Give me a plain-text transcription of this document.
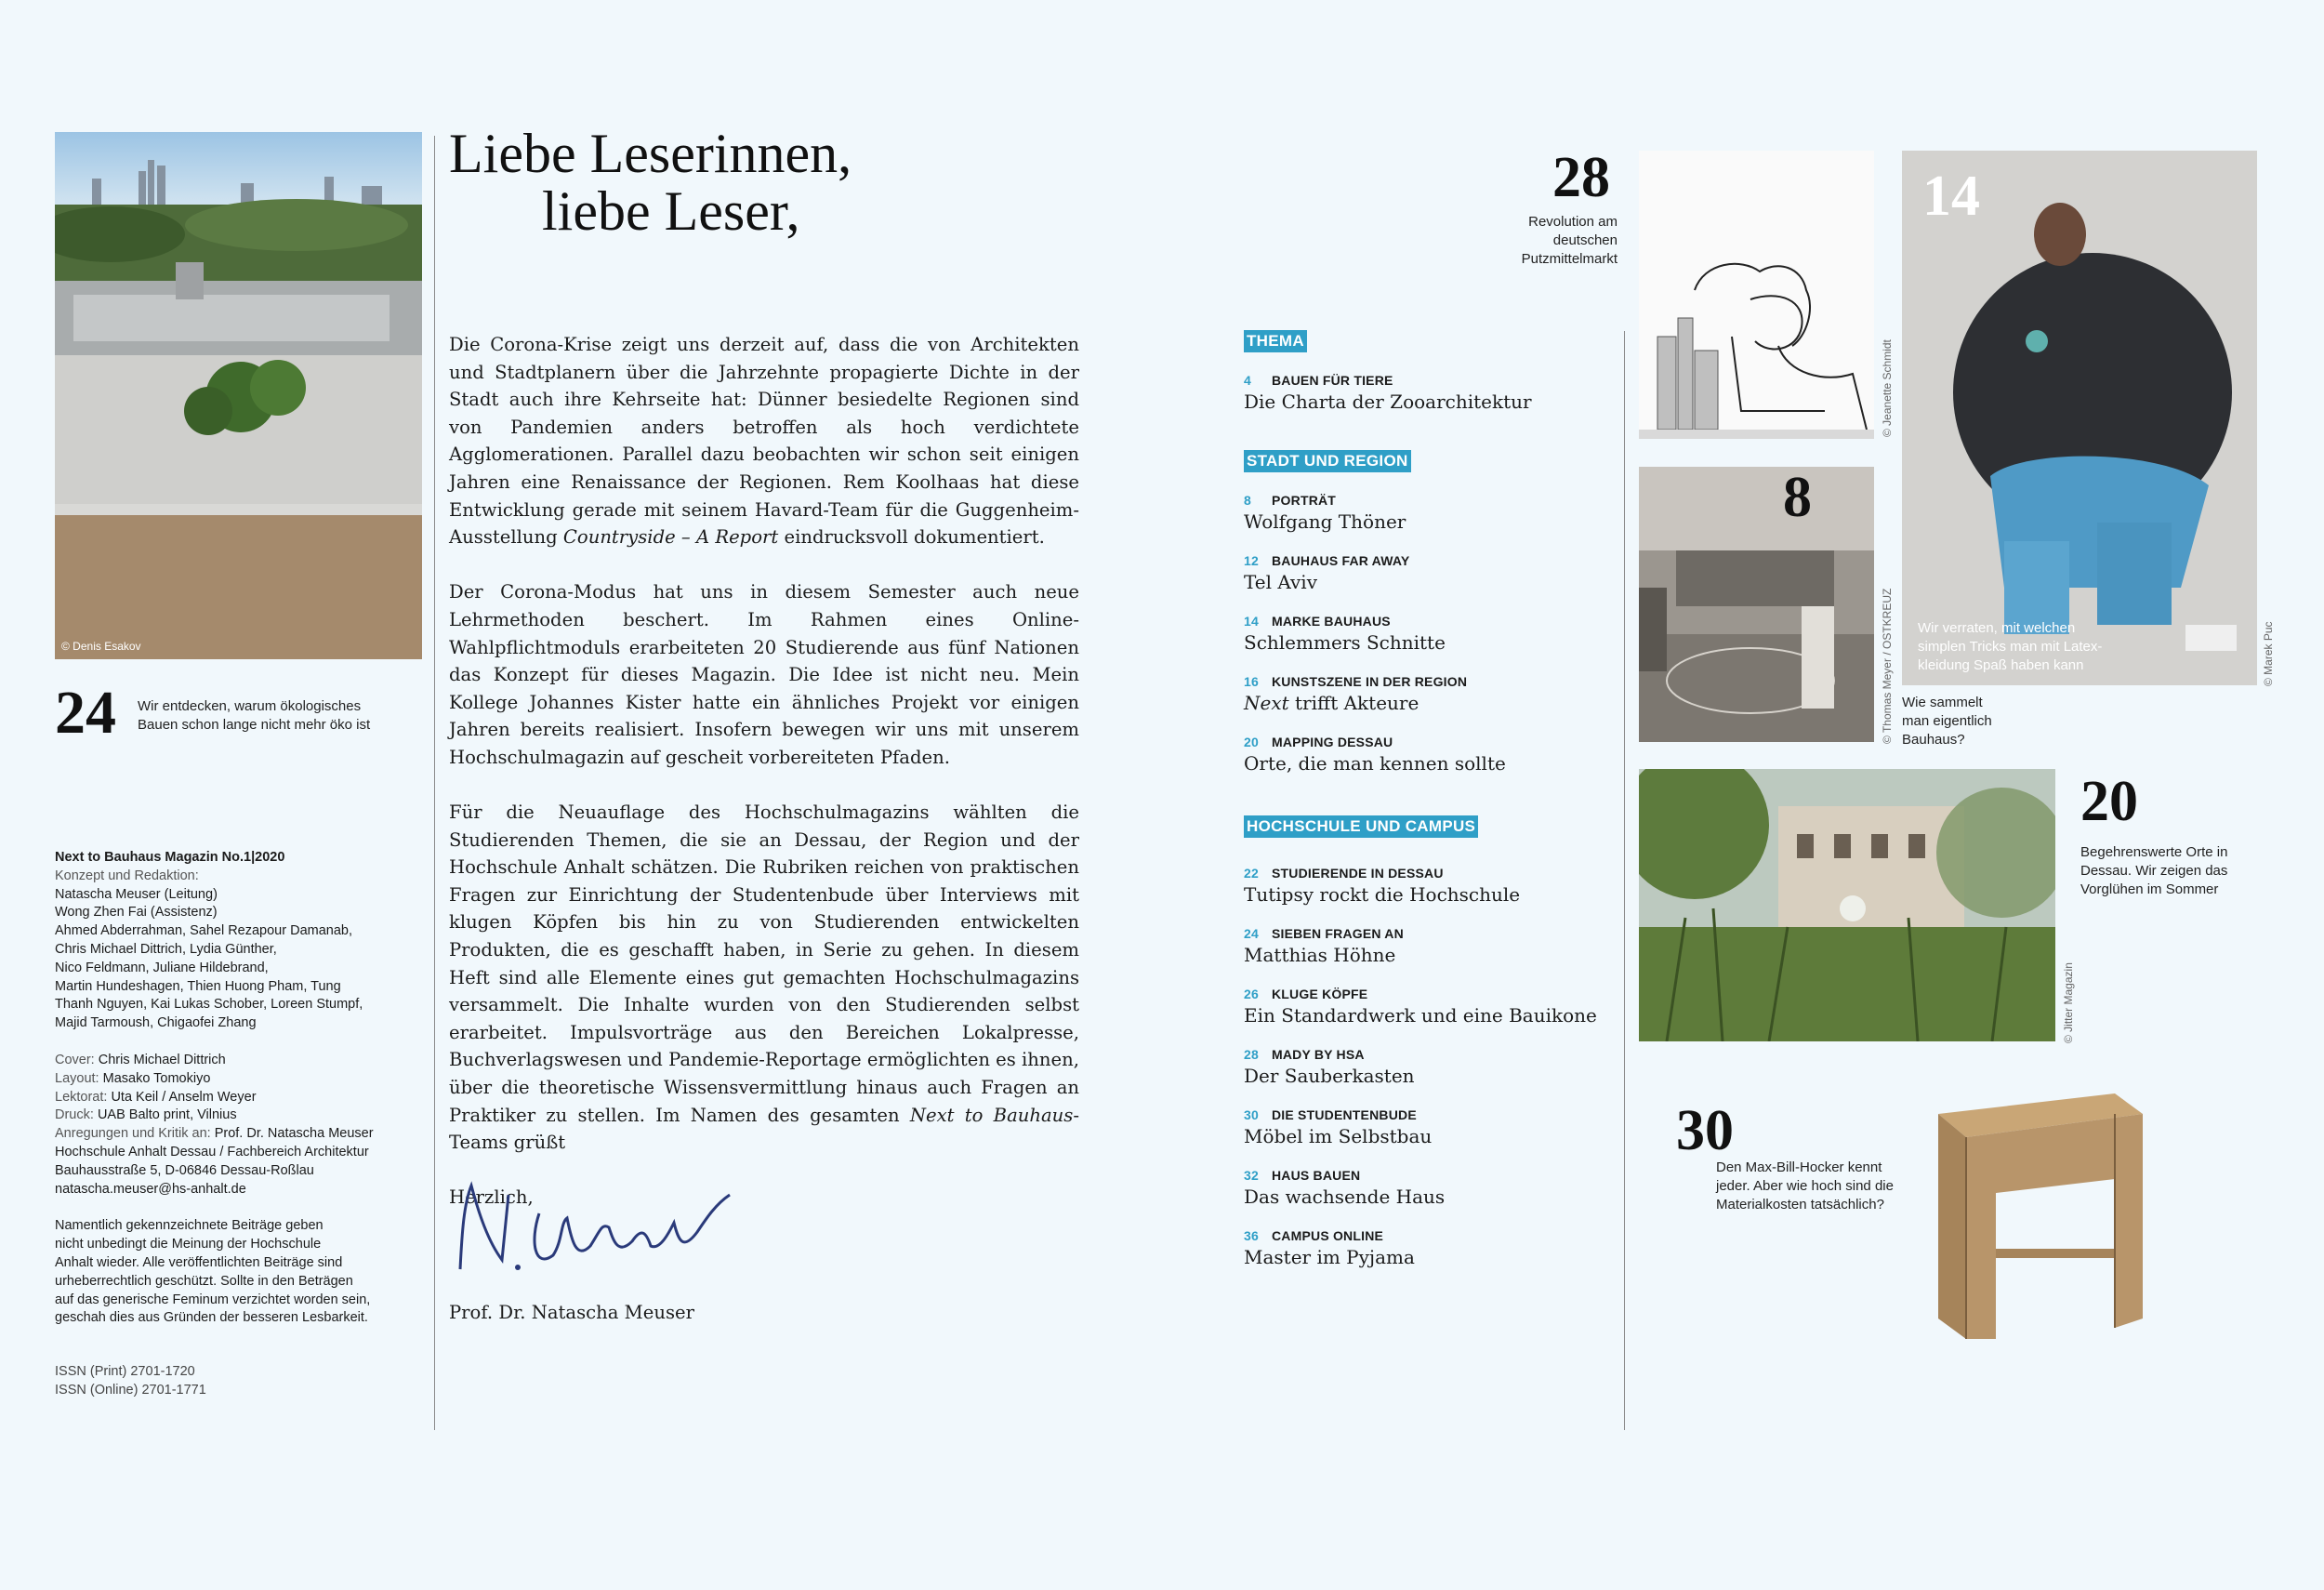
© Denis Esakov
24 Wir entdecken, warum ökologisches Bauen schon lange nicht mehr öko ist
Next to Bauhaus Magazin No.1|2020
Konzept und Redaktion:
Natascha Meuser (Leitung)
Wong Zhen Fai (Assistenz)
Ahmed Abderrahman, Sahel Rezapour Damanab,
Chris Michael Dittrich, Lydia Günther,
Nico Feldmann, Juliane Hildebrand,
Martin Hundeshagen, Thien Huong Pham, Tung
Thanh Nguyen, Kai Lukas Schober, Loreen Stumpf,
Majid Tarmoush, Chigaofei Zhang
Cover: Chris Michael Dittrich
Layout: Masako Tomokiyo
Lektorat: Uta Keil / Anselm Weyer
Druck: UAB Balto print, Vilnius
Anregungen und Kritik an: Prof. Dr. Natascha Meuser
Hochschule Anhalt Dessau / Fachbereich Architektur
Bauhausstraße 5, D-06846 Dessau-Roßlau
natascha.meuser@hs-anhalt.de
Namentlich gekennzeichnete Beiträge geben
nicht unbedingt die Meinung der Hochschule
Anhalt wieder. Alle veröffentlichten Beiträge sind
urheberrechtlich geschützt. Sollte in den Beträgen
auf das generische Feminum verzichtet worden sein,
geschah dies aus Gründen der besseren Lesbarkeit.
ISSN (Print) 2701-1720
ISSN (Online) 2701-1771
Liebe Leserinnen,
liebe Leser,

Die Corona-Krise zeigt uns derzeit auf, dass die von Architekten und Stadtplanern über die Jahrzehnte propagierte Dichte in der Stadt auch ihre Kehrseite hat: Dünner besiedelte Regionen sind von Pandemien anders betroffen als hoch verdichtete Agglomerationen. Parallel dazu beobachten wir schon seit einigen Jahren eine Renaissance der Regionen. Rem Koolhaas hat diese Entwicklung gerade mit seinem Havard-Team für die Guggenheim-Ausstellung Countryside – A Report eindrucksvoll dokumentiert.

Der Corona-Modus hat uns in diesem Semester auch neue Lehrmethoden beschert. Im Rahmen eines Online-Wahlpflichtmoduls erarbeiteten 20 Studierende aus fünf Nationen das Konzept für dieses Magazin. Die Idee ist nicht neu. Mein Kollege Johannes Kister hatte ein ähnliches Projekt vor einigen Jahren bereits realisiert. Insofern bewegen wir uns mit unserem Hochschulmagazin auf gescheit vorbereiteten Pfaden.

Für die Neuauflage des Hochschulmagazins wählten die Studierenden Themen, die sie an Dessau, der Region und der Hochschule Anhalt schätzen. Die Rubriken reichen von praktischen Fragen zur Einrichtung der Studentenbude über Interviews mit klugen Köpfen bis hin zu von Studierenden entwickelten Produkten, die es geschafft haben, in Serie zu gehen. In diesem Heft sind alle Elemente eines gut gemachten Hochschulmagazins versammelt. Die Inhalte wurden von den Studierenden selbst erarbeitet. Impulsvorträge aus den Bereichen Lokalpresse, Buchverlagswesen und Pandemie-Reportage ermöglichten es ihnen, über die theoretische Wissensvermittlung hinaus auch Fragen an Praktiker zu stellen. Im Namen des gesamten Next to Bauhaus-Teams grüßt

Herzlich,

Prof. Dr. Natascha Meuser
THEMA
4 BAUEN FÜR TIERE
Die Charta der Zooarchitektur
STADT UND REGION
8 PORTRÄT
Wolfgang Thöner
12 BAUHAUS FAR AWAY
Tel Aviv
14 MARKE BAUHAUS
Schlemmers Schnitte
16 KUNSTSZENE IN DER REGION
Next trifft Akteure
20 MAPPING DESSAU
Orte, die man kennen sollte
HOCHSCHULE UND CAMPUS
22 STUDIERENDE IN DESSAU
Tutipsy rockt die Hochschule
24 SIEBEN FRAGEN AN
Matthias Höhne
26 KLUGE KÖPFE
Ein Standardwerk und eine Bauikone
28 MADY BY HSA
Der Sauberkasten
30 DIE STUDENTENBUDE
Möbel im Selbstbau
32 HAUS BAUEN
Das wachsende Haus
36 CAMPUS ONLINE
Master im Pyjama
28
Revolution am
deutschen
Putzmittelmarkt
© Jeanette Schmidt
14
Wir verraten, mit welchen
simplen Tricks man mit Latex-
kleidung Spaß haben kann	© Marek Puc
8
© Thomas Meyer / OSTKREUZ Wie sammelt
man eigentlich
Bauhaus?
© Jitter Magazin
20
Begehrenswerte Orte in
Dessau. Wir zeigen das
Vorglühen im Sommer
30
Den Max-Bill-Hocker kennt
jeder. Aber wie hoch sind die
Materialkosten tatsächlich?
